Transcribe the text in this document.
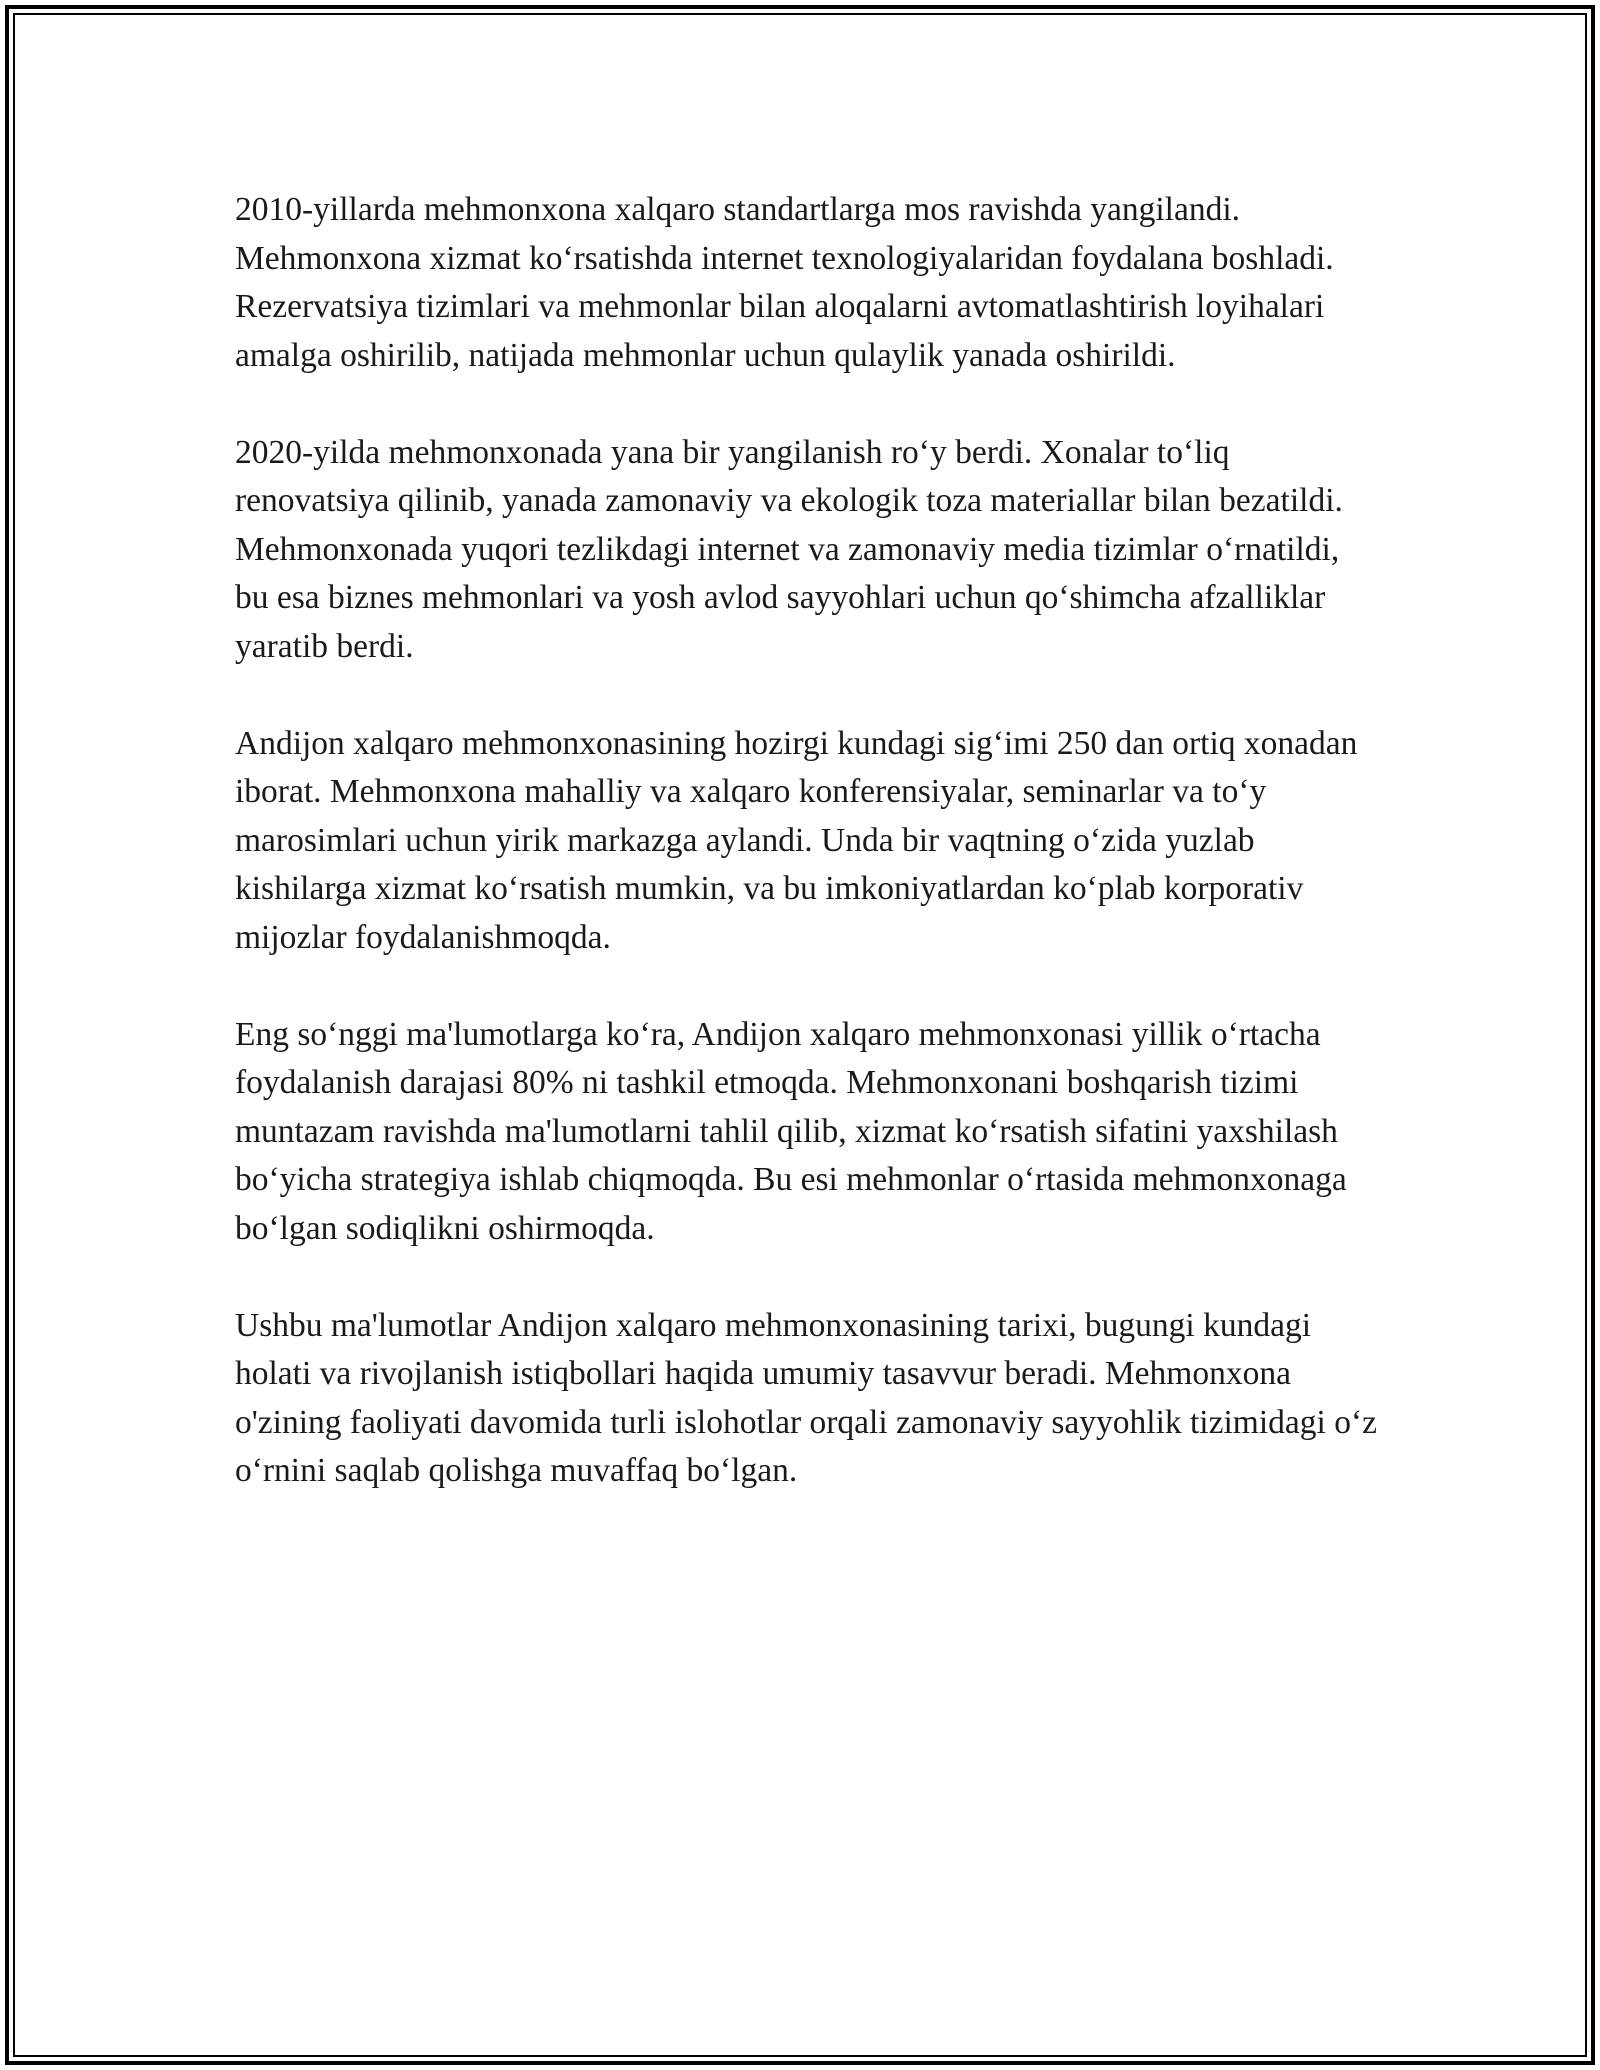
2010-yillarda mehmonxona xalqaro standartlarga mos ravishda yangilandi. Mehmonxona xizmat koʻrsatishda internet texnologiyalaridan foydalana boshladi. Rezervatsiya tizimlari va mehmonlar bilan aloqalarni avtomatlashtirish loyihalari amalga oshirilib, natijada mehmonlar uchun qulaylik yanada oshirildi.

2020-yilda mehmonxonada yana bir yangilanish roʻy berdi. Xonalar toʻliq renovatsiya qilinib, yanada zamonaviy va ekologik toza materiallar bilan bezatildi. Mehmonxonada yuqori tezlikdagi internet va zamonaviy media tizimlar oʻrnatildi, bu esa biznes mehmonlari va yosh avlod sayyohlari uchun qoʻshimcha afzalliklar yaratib berdi.

Andijon xalqaro mehmonxonasining hozirgi kundagi sigʻimi 250 dan ortiq xonadan iborat. Mehmonxona mahalliy va xalqaro konferensiyalar, seminarlar va toʻy marosimlari uchun yirik markazga aylandi. Unda bir vaqtning oʻzida yuzlab kishilarga xizmat koʻrsatish mumkin, va bu imkoniyatlardan koʻplab korporativ mijozlar foydalanishmoqda.

Eng soʻnggi ma'lumotlarga koʻra, Andijon xalqaro mehmonxonasi yillik oʻrtacha foydalanish darajasi 80% ni tashkil etmoqda. Mehmonxonani boshqarish tizimi muntazam ravishda ma'lumotlarni tahlil qilib, xizmat koʻrsatish sifatini yaxshilash boʻyicha strategiya ishlab chiqmoqda. Bu esi mehmonlar oʻrtasida mehmonxonaga boʻlgan sodiqlikni oshirmoqda.

Ushbu ma'lumotlar Andijon xalqaro mehmonxonasining tarixi, bugungi kundagi holati va rivojlanish istiqbollari haqida umumiy tasavvur beradi. Mehmonxona o'zining faoliyati davomida turli islohotlar orqali zamonaviy sayyohlik tizimidagi oʻz oʻrnini saqlab qolishga muvaffaq boʻlgan.
